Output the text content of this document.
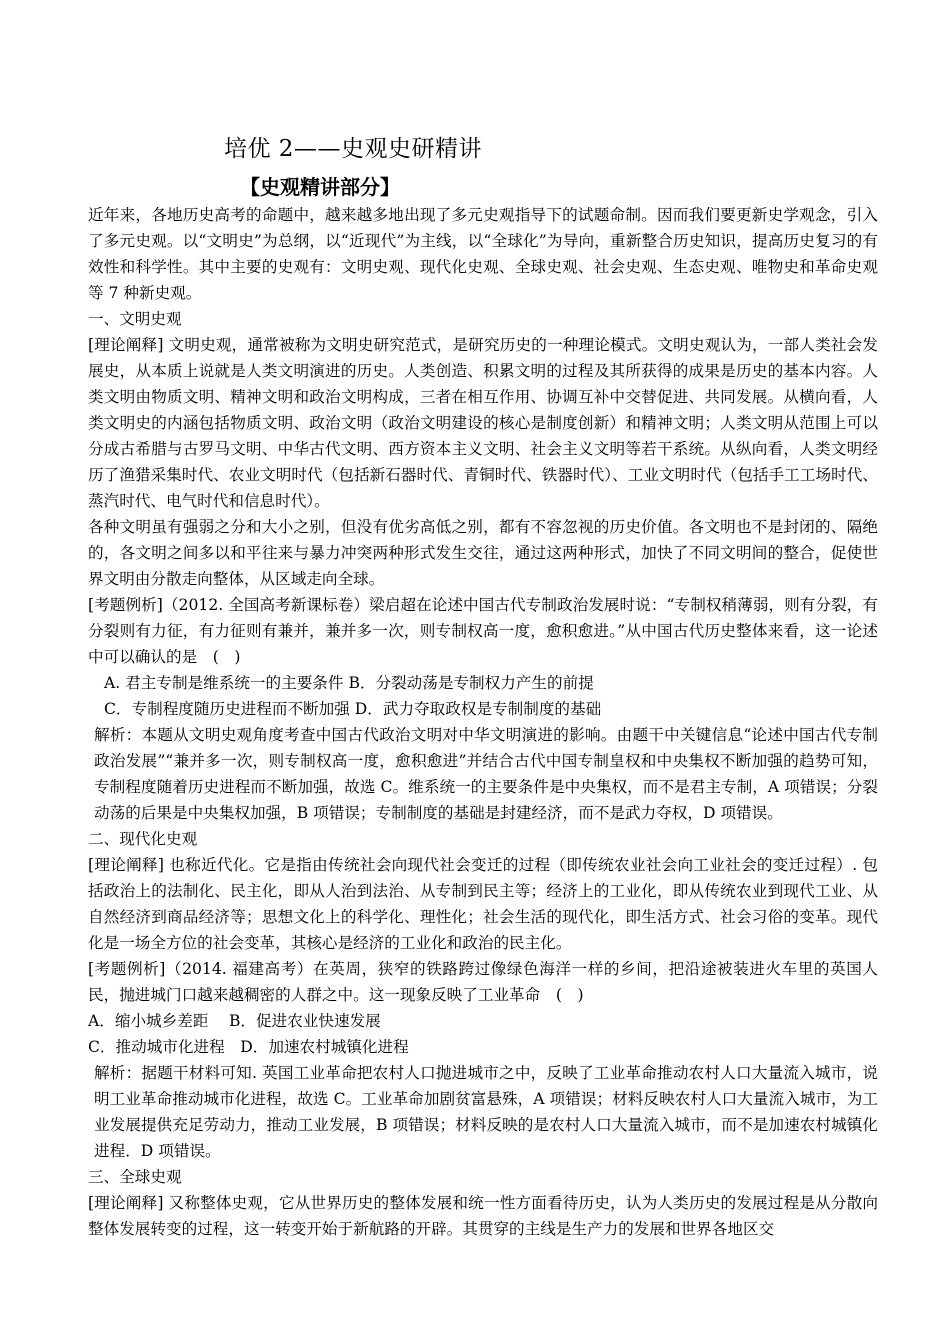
培优 2——史观史研精讲
【史观精讲部分】

近年来，各地历史高考的命题中，越来越多地出现了多元史观指导下的试题命制。因而我们要更新史学观念，引入了多元史观。以“文明史”为总纲，以“近现代”为主线，以“全球化”为导向，重新整合历史知识，提高历史复习的有效性和科学性。其中主要的史观有：文明史观、现代化史观、全球史观、社会史观、生态史观、唯物史和革命史观等 7 种新史观。

一、文明史观

[理论阐释] 文明史观，通常被称为文明史研究范式，是研究历史的一种理论模式。文明史观认为，一部人类社会发展史，从本质上说就是人类文明演进的历史。人类创造、积累文明的过程及其所获得的成果是历史的基本内容。人类文明由物质文明、精神文明和政治文明构成，三者在相互作用、协调互补中交替促进、共同发展。从横向看，人类文明史的内涵包括物质文明、政治文明（政治文明建设的核心是制度创新）和精神文明；人类文明从范围上可以分成古希腊与古罗马文明、中华古代文明、西方资本主义文明、社会主义文明等若干系统。从纵向看，人类文明经历了渔猎采集时代、农业文明时代（包括新石器时代、青铜时代、铁器时代）、工业文明时代（包括手工工场时代、蒸汽时代、电气时代和信息时代）。

各种文明虽有强弱之分和大小之别，但没有优劣高低之别，都有不容忽视的历史价值。各文明也不是封闭的、隔绝的，各文明之间多以和平往来与暴力冲突两种形式发生交往，通过这两种形式，加快了不同文明间的整合，促使世界文明由分散走向整体，从区域走向全球。

[考题例析]（2012. 全国高考新课标卷）梁启超在论述中国古代专制政治发展时说：“专制权稍薄弱，则有分裂，有分裂则有力征，有力征则有兼并，兼并多一次，则专制权高一度，愈积愈进。”从中国古代历史整体来看，这一论述中可以确认的是　(　)

A. 君主专制是维系统一的主要条件 B．分裂动荡是专制权力产生的前提

C．专制程度随历史进程而不断加强 D．武力夺取政权是专制制度的基础

解析：本题从文明史观角度考查中国古代政治文明对中华文明演进的影响。由题干中关键信息“论述中国古代专制政治发展”“兼并多一次，则专制权高一度，愈积愈进”并结合古代中国专制皇权和中央集权不断加强的趋势可知，专制程度随着历史进程而不断加强，故选 C。维系统一的主要条件是中央集权，而不是君主专制，A 项错误；分裂动荡的后果是中央集权加强，B 项错误；专制制度的基础是封建经济，而不是武力夺权，D 项错误。

二、现代化史观

[理论阐释] 也称近代化。它是指由传统社会向现代社会变迁的过程（即传统农业社会向工业社会的变迁过程）. 包括政治上的法制化、民主化，即从人治到法治、从专制到民主等；经济上的工业化，即从传统农业到现代工业、从自然经济到商品经济等；思想文化上的科学化、理性化；社会生活的现代化，即生活方式、社会习俗的变革。现代化是一场全方位的社会变革，其核心是经济的工业化和政治的民主化。

[考题例析]（2014. 福建高考）在英周，狭窄的铁路跨过像绿色海洋一样的乡间，把沿途被装进火车里的英国人民，抛进城门口越来越稠密的人群之中。这一现象反映了工业革命　(　)

A．缩小城乡差距　 B．促进农业快速发展

C．推动城市化进程　D．加速农村城镇化进程

解析：据题干材料可知. 英国工业革命把农村人口抛进城市之中，反映了工业革命推动农村人口大量流入城市，说明工业革命推动城市化进程，故选 C。工业革命加剧贫富悬殊，A 项错误；材料反映农村人口大量流入城市，为工业发展提供充足劳动力，推动工业发展，B 项错误；材料反映的是农村人口大量流入城市，而不是加速农村城镇化进程．D 项错误。

三、全球史观

[理论阐释] 又称整体史观，它从世界历史的整体发展和统一性方面看待历史，认为人类历史的发展过程是从分散向整体发展转变的过程，这一转变开始于新航路的开辟。其贯穿的主线是生产力的发展和世界各地区交
